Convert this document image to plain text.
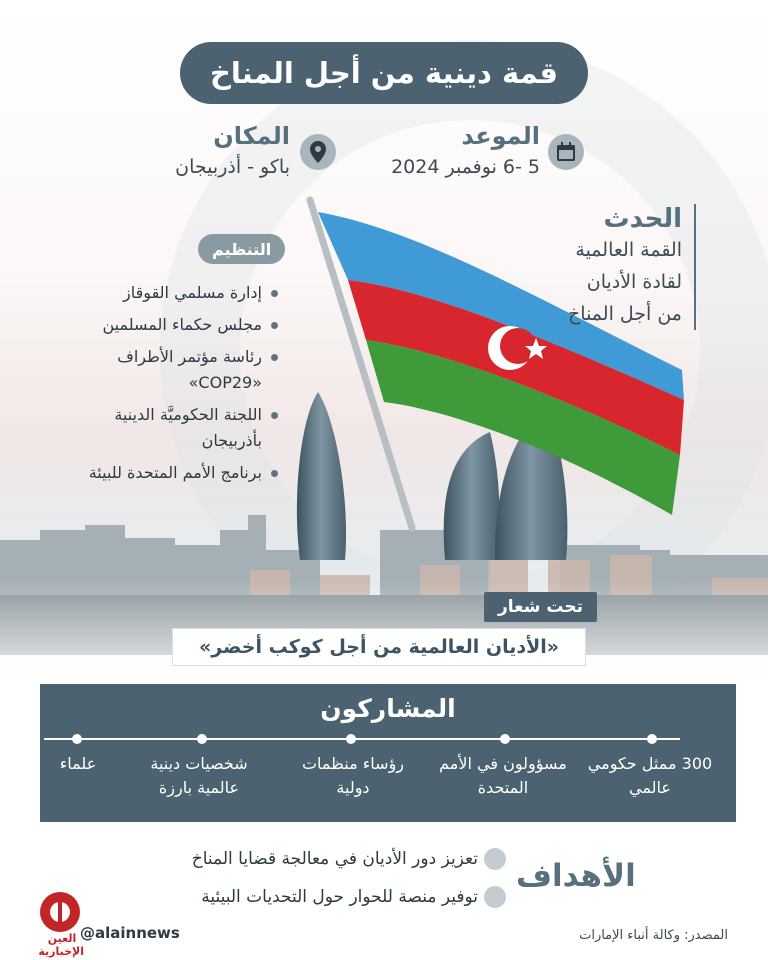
قمة دينية من أجل المناخ
المكان
باكو - أذربيجان
الموعد
5 -6 نوفمبر 2024
الحدث
القمة العالمية
لقادة الأديان
من أجل المناخ
التنظيم
إدارة مسلمي القوقاز
مجلس حكماء المسلمين
رئاسة مؤتمر الأطراف «COP29»
اللجنة الحكوميَّة الدينية بأذربيجان
برنامج الأمم المتحدة للبيئة
تحت شعار
«الأديان العالمية من أجل كوكب أخضر»
المشاركون
300 ممثل حكومي عالمي
مسؤولون في الأمم المتحدة
رؤساء منظمات دولية
شخصيات دينية عالمية بارزة
علماء
الأهداف
تعزيز دور الأديان في معالجة قضايا المناخ
توفير منصة للحوار حول التحديات البيئية
العين الإخبارية
@alainnews	المصدر: وكالة أنباء الإمارات
